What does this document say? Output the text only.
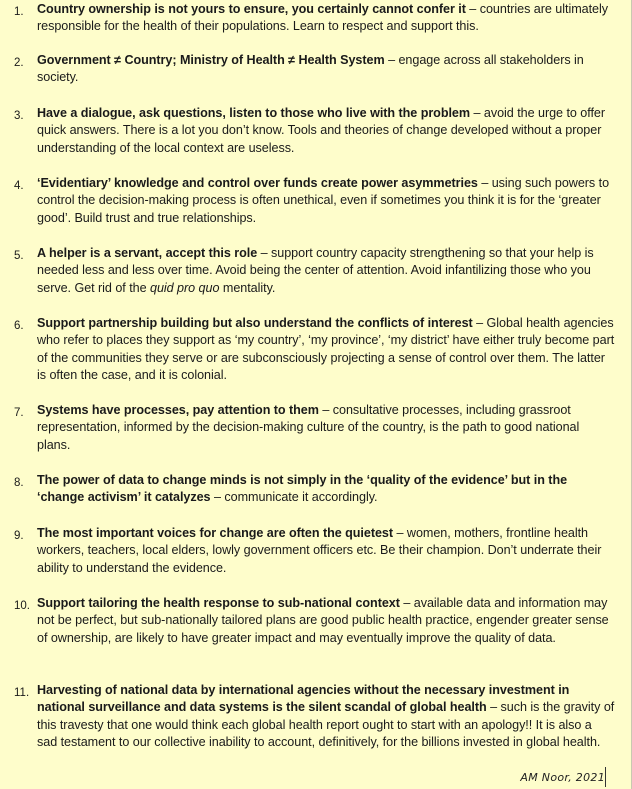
1. Country ownership is not yours to ensure, you certainly cannot confer it – countries are ultimately responsible for the health of their populations. Learn to respect and support this.
2. Government ≠ Country; Ministry of Health ≠ Health System – engage across all stakeholders in society.
3. Have a dialogue, ask questions, listen to those who live with the problem – avoid the urge to offer quick answers. There is a lot you don’t know. Tools and theories of change developed without a proper understanding of the local context are useless.
4. ‘Evidentiary’ knowledge and control over funds create power asymmetries – using such powers to control the decision-making process is often unethical, even if sometimes you think it is for the ‘greater good’. Build trust and true relationships.
5. A helper is a servant, accept this role – support country capacity strengthening so that your help is needed less and less over time. Avoid being the center of attention. Avoid infantilizing those who you serve. Get rid of the quid pro quo mentality.
6. Support partnership building but also understand the conflicts of interest – Global health agencies who refer to places they support as ‘my country’, ‘my province’, ‘my district’ have either truly become part of the communities they serve or are subconsciously projecting a sense of control over them. The latter is often the case, and it is colonial.
7. Systems have processes, pay attention to them – consultative processes, including grassroot representation, informed by the decision-making culture of the country, is the path to good national plans.
8. The power of data to change minds is not simply in the ‘quality of the evidence’ but in the ‘change activism’ it catalyzes – communicate it accordingly.
9. The most important voices for change are often the quietest – women, mothers, frontline health workers, teachers, local elders, lowly government officers etc. Be their champion. Don’t underrate their ability to understand the evidence.
10. Support tailoring the health response to sub-national context – available data and information may not be perfect, but sub-nationally tailored plans are good public health practice, engender greater sense of ownership, are likely to have greater impact and may eventually improve the quality of data.
11. Harvesting of national data by international agencies without the necessary investment in national surveillance and data systems is the silent scandal of global health – such is the gravity of this travesty that one would think each global health report ought to start with an apology!! It is also a sad testament to our collective inability to account, definitively, for the billions invested in global health.
AM Noor, 2021
